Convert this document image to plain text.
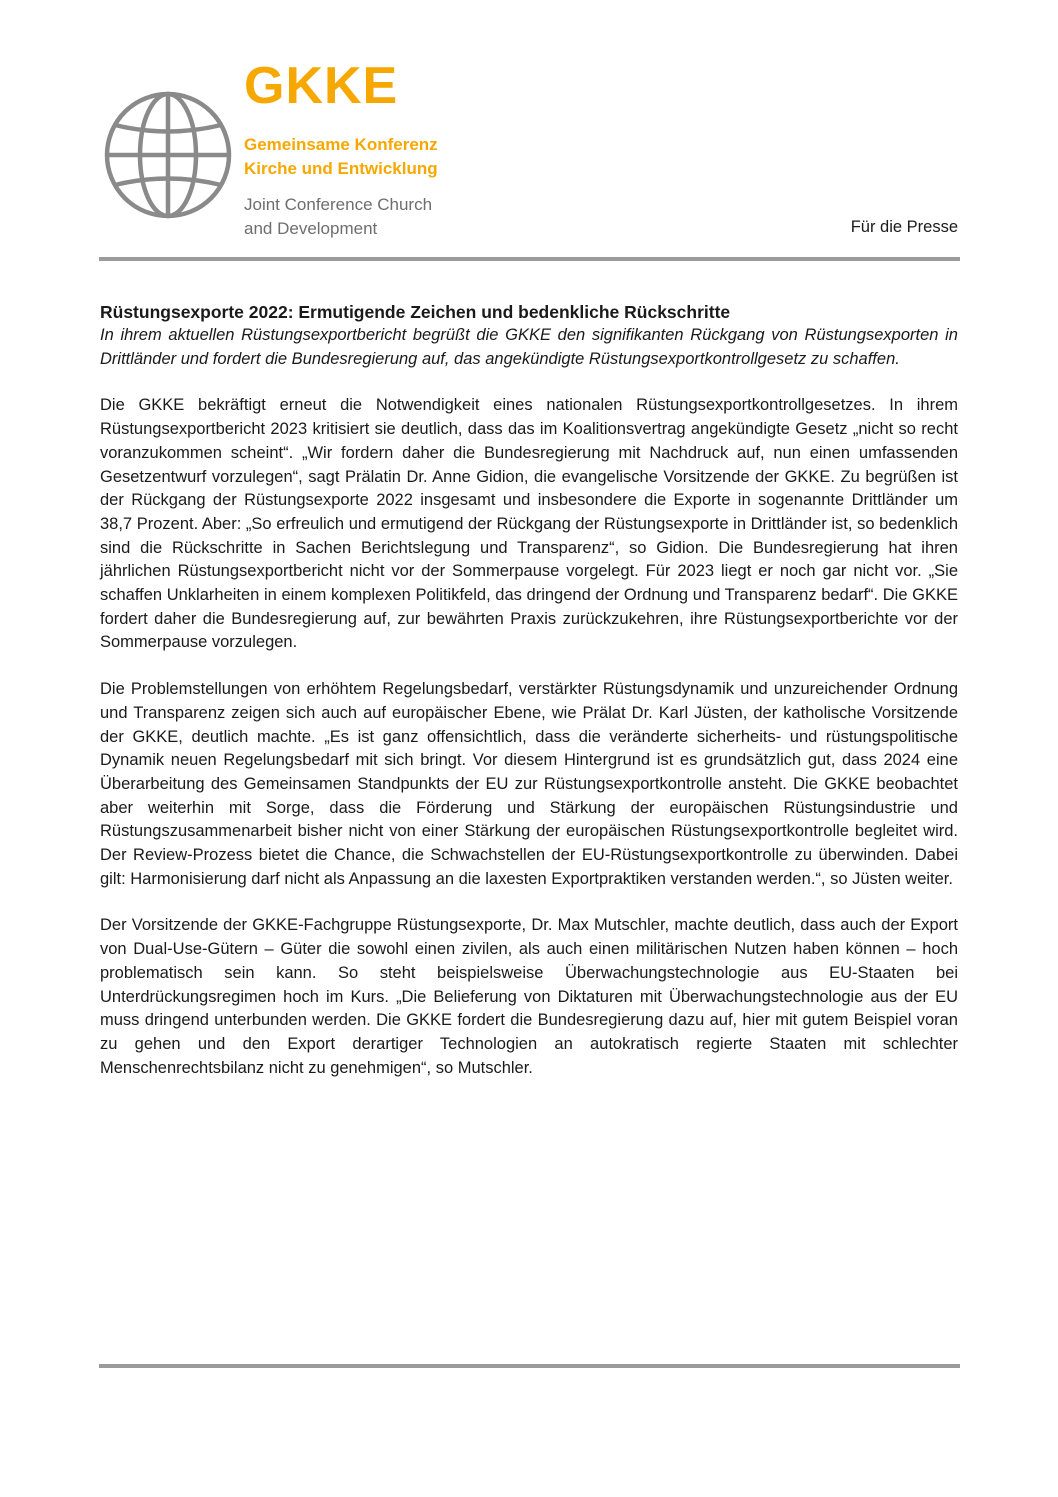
GKKE
Gemeinsame Konferenz
Kirche und Entwicklung
Joint Conference Church
and Development	Für die Presse
Rüstungsexporte 2022: Ermutigende Zeichen und bedenkliche Rückschritte

In ihrem aktuellen Rüstungsexportbericht begrüßt die GKKE den signifikanten Rückgang von Rüstungsexporten in Drittländer und fordert die Bundesregierung auf, das angekündigte Rüstungsexportkontrollgesetz zu schaffen.

Die GKKE bekräftigt erneut die Notwendigkeit eines nationalen Rüstungsexportkontrollgesetzes. In ihrem Rüstungsexportbericht 2023 kritisiert sie deutlich, dass das im Koalitionsvertrag angekündigte Gesetz „nicht so recht voranzukommen scheint“. „Wir fordern daher die Bundesregierung mit Nachdruck auf, nun einen umfassenden Gesetzentwurf vorzulegen“, sagt Prälatin Dr. Anne Gidion, die evangelische Vorsitzende der GKKE. Zu begrüßen ist der Rückgang der Rüstungsexporte 2022 insgesamt und insbesondere die Exporte in sogenannte Drittländer um 38,7 Prozent. Aber: „So erfreulich und ermutigend der Rückgang der Rüstungsexporte in Drittländer ist, so bedenklich sind die Rückschritte in Sachen Berichtslegung und Transparenz“, so Gidion. Die Bundesregierung hat ihren jährlichen Rüstungsexportbericht nicht vor der Sommerpause vorgelegt. Für 2023 liegt er noch gar nicht vor. „Sie schaffen Unklarheiten in einem komplexen Politikfeld, das dringend der Ordnung und Transparenz bedarf“. Die GKKE fordert daher die Bundesregierung auf, zur bewährten Praxis zurückzukehren, ihre Rüstungsexportberichte vor der Sommerpause vorzulegen.

Die Problemstellungen von erhöhtem Regelungsbedarf, verstärkter Rüstungsdynamik und unzureichender Ordnung und Transparenz zeigen sich auch auf europäischer Ebene, wie Prälat Dr. Karl Jüsten, der katholische Vorsitzende der GKKE, deutlich machte. „Es ist ganz offensichtlich, dass die veränderte sicherheits- und rüstungspolitische Dynamik neuen Regelungsbedarf mit sich bringt. Vor diesem Hintergrund ist es grundsätzlich gut, dass 2024 eine Überarbeitung des Gemeinsamen Standpunkts der EU zur Rüstungsexportkontrolle ansteht. Die GKKE beobachtet aber weiterhin mit Sorge, dass die Förderung und Stärkung der europäischen Rüstungsindustrie und Rüstungszusammenarbeit bisher nicht von einer Stärkung der europäischen Rüstungsexportkontrolle begleitet wird. Der Review-Prozess bietet die Chance, die Schwachstellen der EU-Rüstungsexportkontrolle zu überwinden. Dabei gilt: Harmonisierung darf nicht als Anpassung an die laxesten Exportpraktiken verstanden werden.“, so Jüsten weiter.

Der Vorsitzende der GKKE-Fachgruppe Rüstungsexporte, Dr. Max Mutschler, machte deutlich, dass auch der Export von Dual-Use-Gütern – Güter die sowohl einen zivilen, als auch einen militärischen Nutzen haben können – hoch problematisch sein kann. So steht beispielsweise Überwachungstechnologie aus EU-Staaten bei Unterdrückungsregimen hoch im Kurs. „Die Belieferung von Diktaturen mit Überwachungstechnologie aus der EU muss dringend unterbunden werden. Die GKKE fordert die Bundesregierung dazu auf, hier mit gutem Beispiel voran zu gehen und den Export derartiger Technologien an autokratisch regierte Staaten mit schlechter Menschenrechtsbilanz nicht zu genehmigen“, so Mutschler.
